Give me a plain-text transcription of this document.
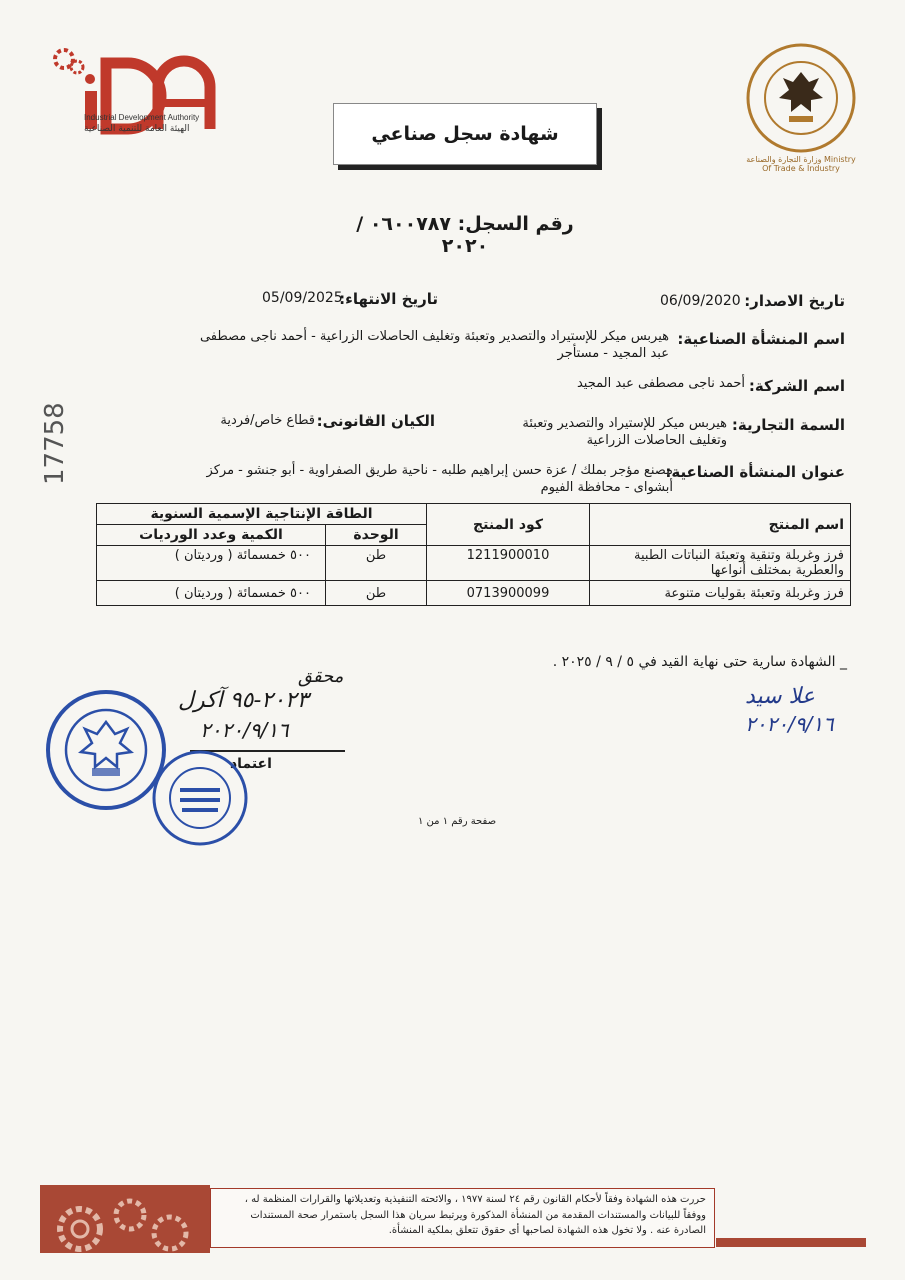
iDA
Industrial Development Authority
الهيئة العامة للتنمية الصناعية
وزارة التجارة والصناعة Ministry Of Trade & Industry
شهادة سجل صناعي
رقم السجل: ٠٦٠٠٧٨٧ / ٢٠٢٠
17758
تاريخ الاصدار:
06/09/2020
تاريخ الانتهاء:
05/09/2025
اسم المنشأة الصناعية:
هيربس ميكر للإستيراد والتصدير وتعبئة وتغليف الحاصلات الزراعية - أحمد ناجى مصطفى
عبد المجيد - مستأجر
اسم الشركة:
أحمد ناجى مصطفى عبد المجيد
السمة التجارية:
هيربس ميكر للإستيراد والتصدير وتعبئة
وتغليف الحاصلات الزراعية
الكيان القانونى:
قطاع خاص/فردية
عنوان المنشأة الصناعية:
مصنع مؤجر بملك / عزة حسن إبراهيم طلبه - ناحية طريق الصفراوية - أبو جنشو - مركز
أبشواى - محافظة الفيوم
اسم المنتج	كود المنتج	الطاقة الإنتاجية الإسمية السنوية	
		الوحدة	الكمية وعدد الورديات

فرز وغربلة وتنقية وتعبئة النباتات الطبية
والعطرية بمختلف أنواعها	1211900010	طن	٥٠٠ خمسمائة ( ورديتان )
فرز وغربلة وتعبئة بقوليات متنوعة	0713900099	طن	٥٠٠ خمسمائة ( ورديتان )
_ الشهادة سارية حتى نهاية القيد في ٥ / ٩ / ٢٠٢٥ .
علا سيد
٢٠٢٠/٩/١٦
محقق
٢٠٢٣-٩٥ آكرل
٢٠٢٠/٩/١٦
اعتماد
صفحة رقم ١ من ١
حررت هذه الشهادة وفقاً لأحكام القانون رقم ٢٤ لسنة ١٩٧٧ ، والائحته التنفيذية وتعديلاتها والقرارات المنظمة له ، ووفقاً للبيانات والمستندات المقدمة من المنشأة المذكورة ويرتبط سريان هذا السجل باستمرار صحة المستندات الصادرة عنه . ولا تخول هذه الشهادة لصاحبها أى حقوق تتعلق بملكية المنشأة.
